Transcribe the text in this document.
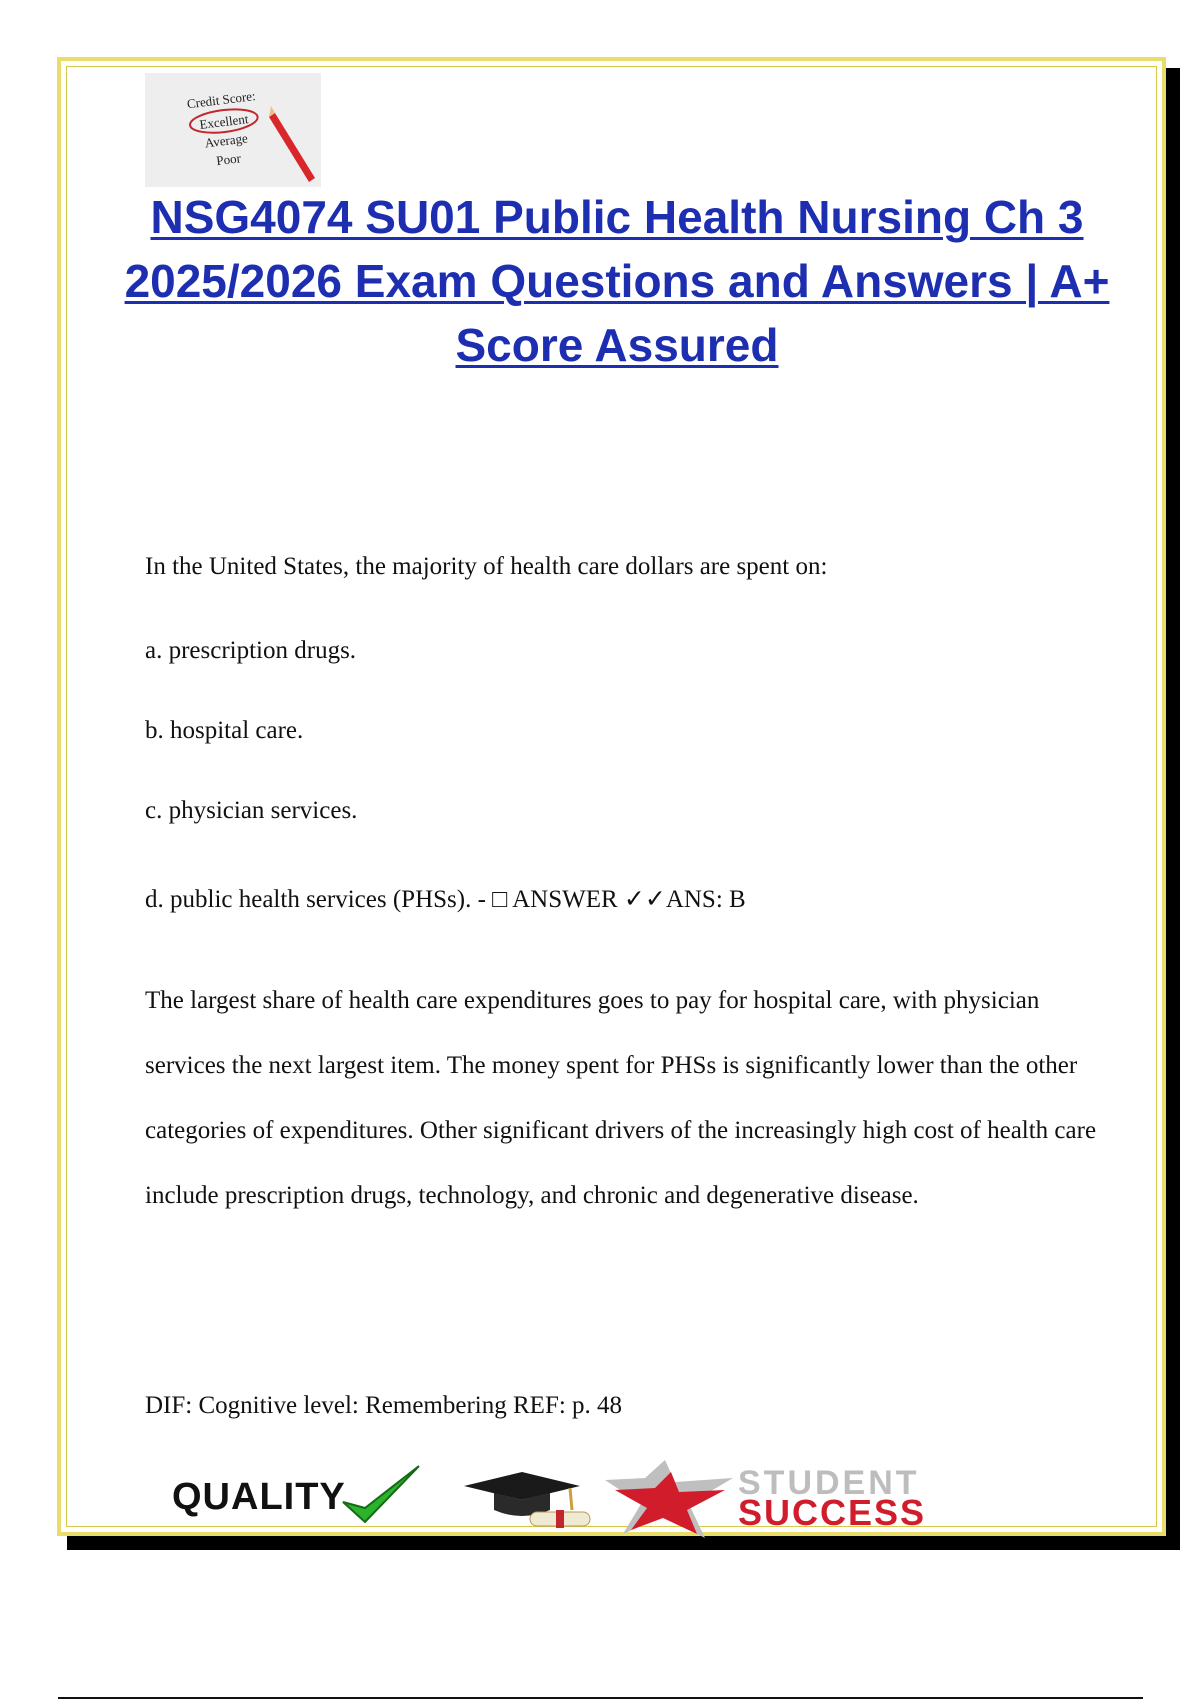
Credit Score:
Excellent
Average
Poor
NSG4074 SU01 Public Health Nursing Ch 3 2025/2026 Exam Questions and Answers | A+ Score Assured

In the United States, the majority of health care dollars are spent on:

a. prescription drugs.

b. hospital care.

c. physician services.

d. public health services (PHSs). - □ ANSWER ✓✓ANS: B

The largest share of health care expenditures goes to pay for hospital care, with physician services the next largest item. The money spent for PHSs is significantly lower than the other categories of expenditures. Other significant drivers of the increasingly high cost of health care include prescription drugs, technology, and chronic and degenerative disease.

DIF: Cognitive level: Remembering REF: p. 48

QUALITY	STUDENT
SUCCESS
